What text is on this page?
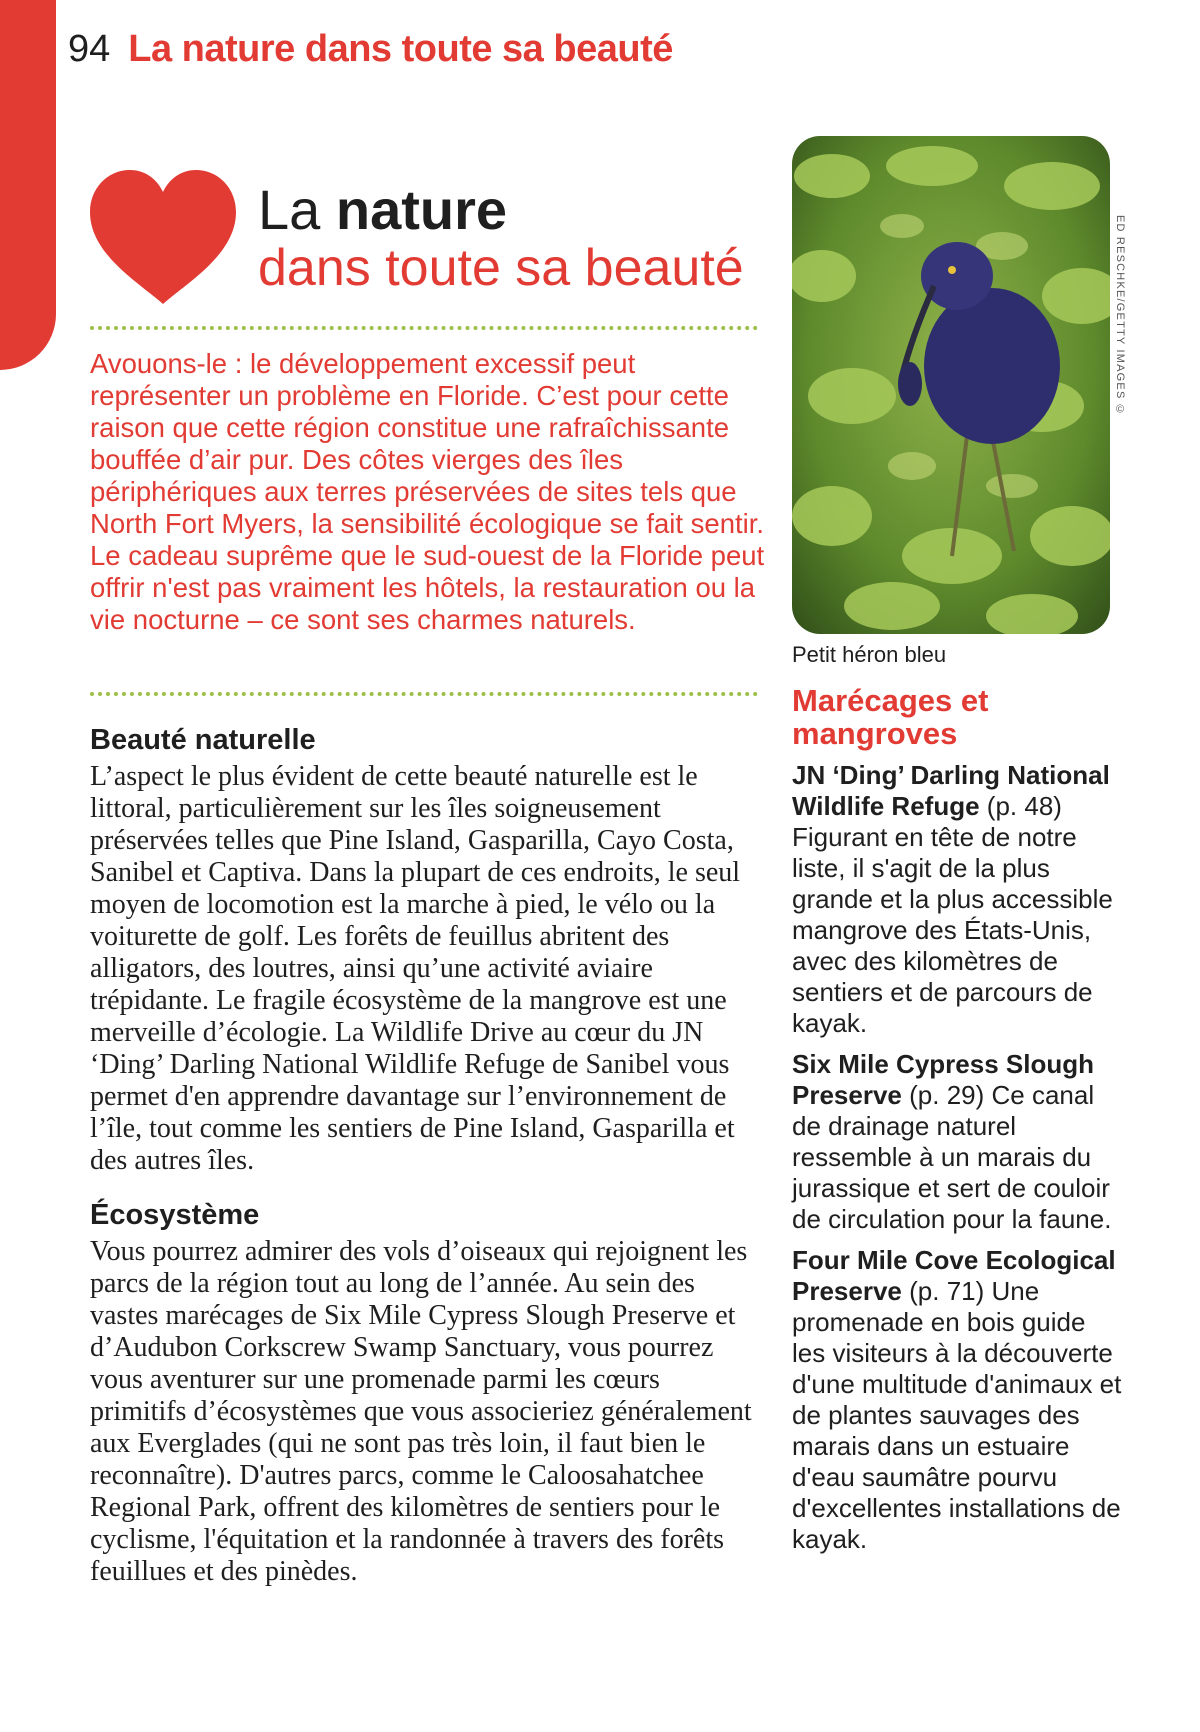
94 La nature dans toute sa beauté
La nature
dans toute sa beauté
Avouons-le : le développement excessif peut représenter un problème en Floride. C’est pour cette raison que cette région constitue une rafraîchissante bouffée d’air pur. Des côtes vierges des îles périphériques aux terres préservées de sites tels que North Fort Myers, la sensibilité écologique se fait sentir. Le cadeau suprême que le sud-ouest de la Floride peut offrir n'est pas vraiment les hôtels, la restauration ou la vie nocturne – ce sont ses charmes naturels.
Beauté naturelle

L’aspect le plus évident de cette beauté naturelle est le littoral, particulièrement sur les îles soigneusement préservées telles que Pine Island, Gasparilla, Cayo Costa, Sanibel et Captiva. Dans la plupart de ces endroits, le seul moyen de locomotion est la marche à pied, le vélo ou la voiturette de golf. Les forêts de feuillus abritent des alligators, des loutres, ainsi qu’une activité aviaire trépidante. Le fragile écosystème de la mangrove est une merveille d’écologie. La Wildlife Drive au cœur du JN ‘Ding’ Darling National Wildlife Refuge de Sanibel vous permet d'en apprendre davantage sur l’environnement de l’île, tout comme les sentiers de Pine Island, Gasparilla et des autres îles.

Écosystème

Vous pourrez admirer des vols d’oiseaux qui rejoignent les parcs de la région tout au long de l’année. Au sein des vastes marécages de Six Mile Cypress Slough Preserve et d’Audubon Corkscrew Swamp Sanctuary, vous pourrez vous aventurer sur une promenade parmi les cœurs primitifs d’écosystèmes que vous associeriez généralement aux Everglades (qui ne sont pas très loin, il faut bien le reconnaître). D'autres parcs, comme le Caloosahatchee Regional Park, offrent des kilomètres de sentiers pour le cyclisme, l'équitation et la randonnée à travers des forêts feuillues et des pinèdes.

ED RESCHKE/GETTY IMAGES ©
Petit héron bleu
Marécages et mangroves

JN ‘Ding’ Darling National Wildlife Refuge (p. 48) Figurant en tête de notre liste, il s'agit de la plus grande et la plus accessible mangrove des États-Unis, avec des kilomètres de sentiers et de parcours de kayak.

Six Mile Cypress Slough Preserve (p. 29) Ce canal de drainage naturel ressemble à un marais du jurassique et sert de couloir de circulation pour la faune.

Four Mile Cove Ecological Preserve (p. 71) Une promenade en bois guide les visiteurs à la découverte d'une multitude d'animaux et de plantes sauvages des marais dans un estuaire d'eau saumâtre pourvu d'excellentes installations de kayak.
